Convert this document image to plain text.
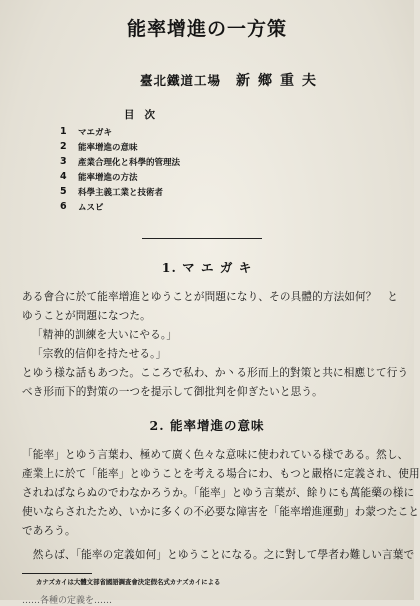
能率增進の一方策
臺北鐵道工場 新鄉重夫
目次
1	マエガキ
2	能率增進の意味
3	產業合理化と科學的管理法
4	能率增進の方法
5	科學主義工業と技術者
6	ムスビ
1. マ エ ガ キ
ある會合に於て能率增進とゆうことが問題になり、その具體的方法如何？　と
ゆうことが問題になつた。
「精神的訓練を大いにやる。」
「宗敎的信仰を持たせる。」
とゆう様な話もあつた。こころで私わ、か丶る形而上的對策と共に相應じて行う
べき形而下的對策の一つを提示して御批判を仰ぎたいと思う。
2. 能率增進の意味
「能率」とゆう言葉わ、極めて廣く色々な意味に使われている様である。然し、
產業上に於て「能率」とゆうことを考える場合にわ、もつと嚴格に定義され、使用
されねばならぬのでわなかろうか。「能率」とゆう言葉が、餘りにも萬能藥の様に
使いならされたため、いかに多くの不必要な障害を「能率增進運動」わ蒙つたこと
であろう。
　然らば、「能率の定義如何」とゆうことになる。之に對して學者わ難しい言葉で
カナズカイは大體文部省國語調查會決定假名式カナズカイによる
……各種の定義を……
